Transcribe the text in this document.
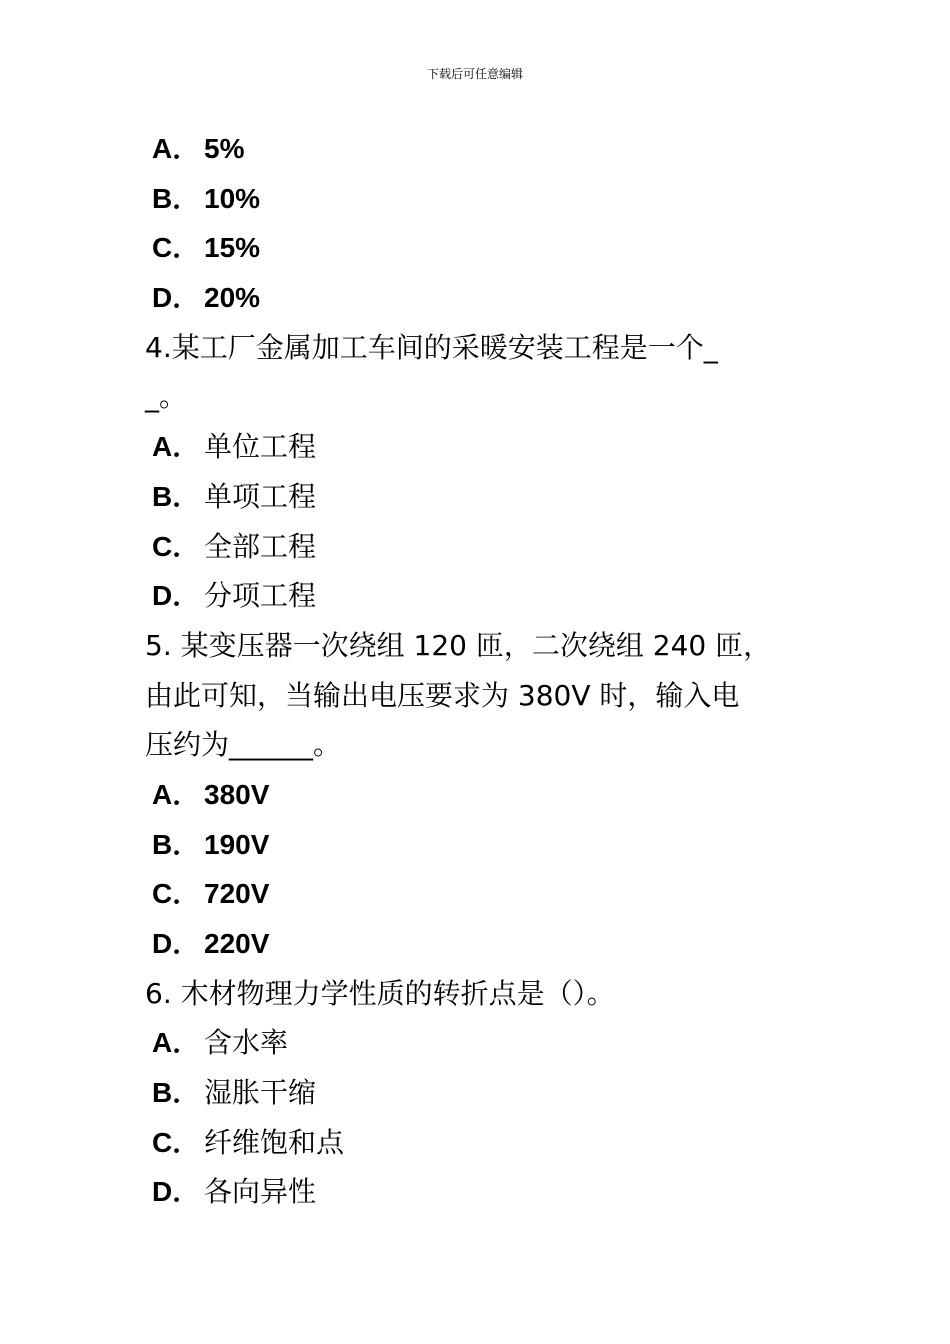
下载后可任意编辑
A． 5%
B． 10%
C． 15%
D． 20%
4.某工厂金属加工车间的采暖安装工程是一个_
_。
A． 单位工程
B． 单项工程
C． 全部工程
D． 分项工程
5. 某变压器一次绕组 120 匝，二次绕组 240 匝，
由此可知，当输出电压要求为 380V 时，输入电
压约为______。
A． 380V
B． 190V
C． 720V
D． 220V
6. 木材物理力学性质的转折点是（）。
A． 含水率
B． 湿胀干缩
C． 纤维饱和点
D． 各向异性
